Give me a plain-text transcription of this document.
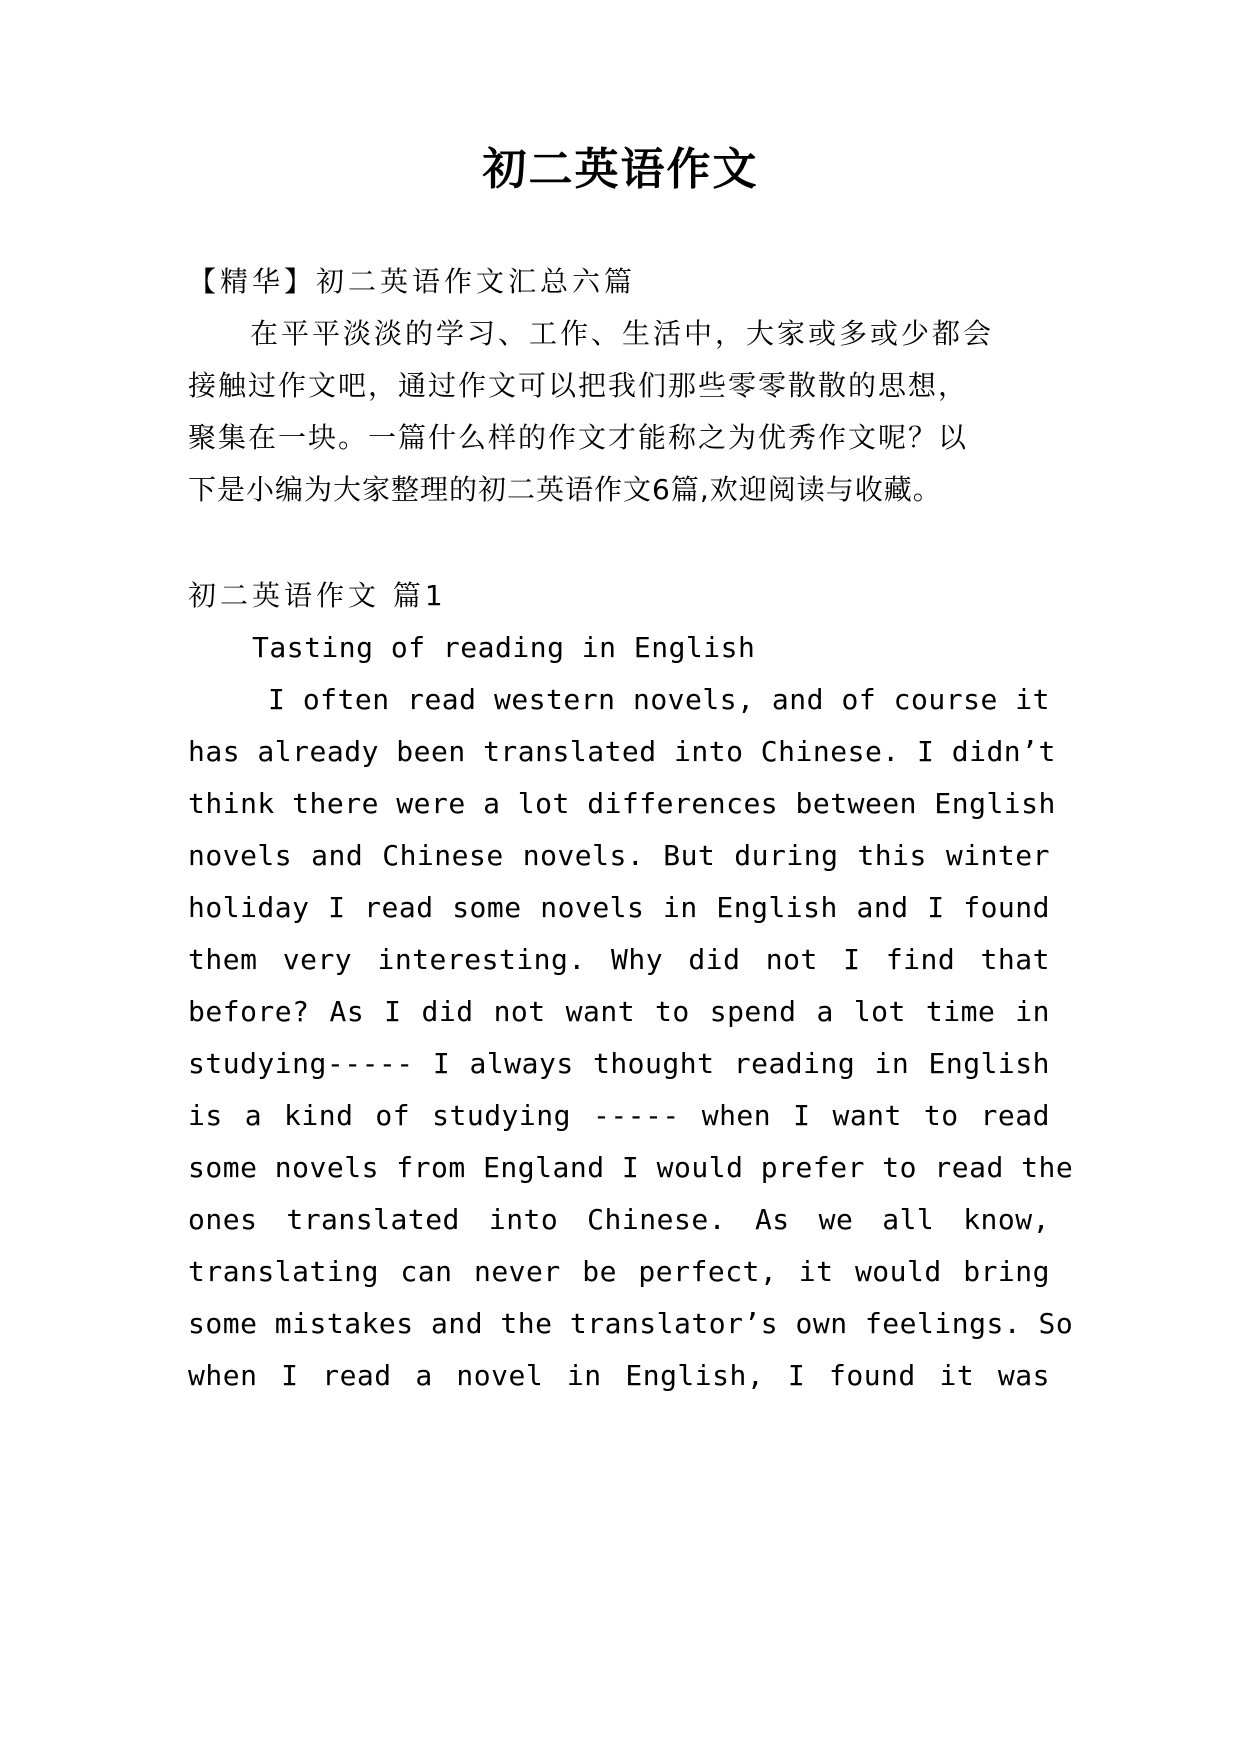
初二英语作文
【精华】初二英语作文汇总六篇
在平平淡淡的学习、工作、生活中，大家或多或少都会
接触过作文吧，通过作文可以把我们那些零零散散的思想，
聚集在一块。一篇什么样的作文才能称之为优秀作文呢？以
下是小编为大家整理的初二英语作文6篇,欢迎阅读与收藏。
初二英语作文 篇1
Tasting of reading in English
I often read western novels, and of course it
has already been translated into Chinese. I didn’t
think there were a lot differences between English
novels and Chinese novels. But during this winter
holiday I read some novels in English and I found
them very interesting. Why did not I find that
before? As I did not want to spend a lot time in
studying----- I always thought reading in English
is a kind of studying ----- when I want to read
some novels from England I would prefer to read the
ones translated into Chinese. As we all know,
translating can never be perfect, it would bring
some mistakes and the translator’s own feelings. So
when I read a novel in English, I found it was
